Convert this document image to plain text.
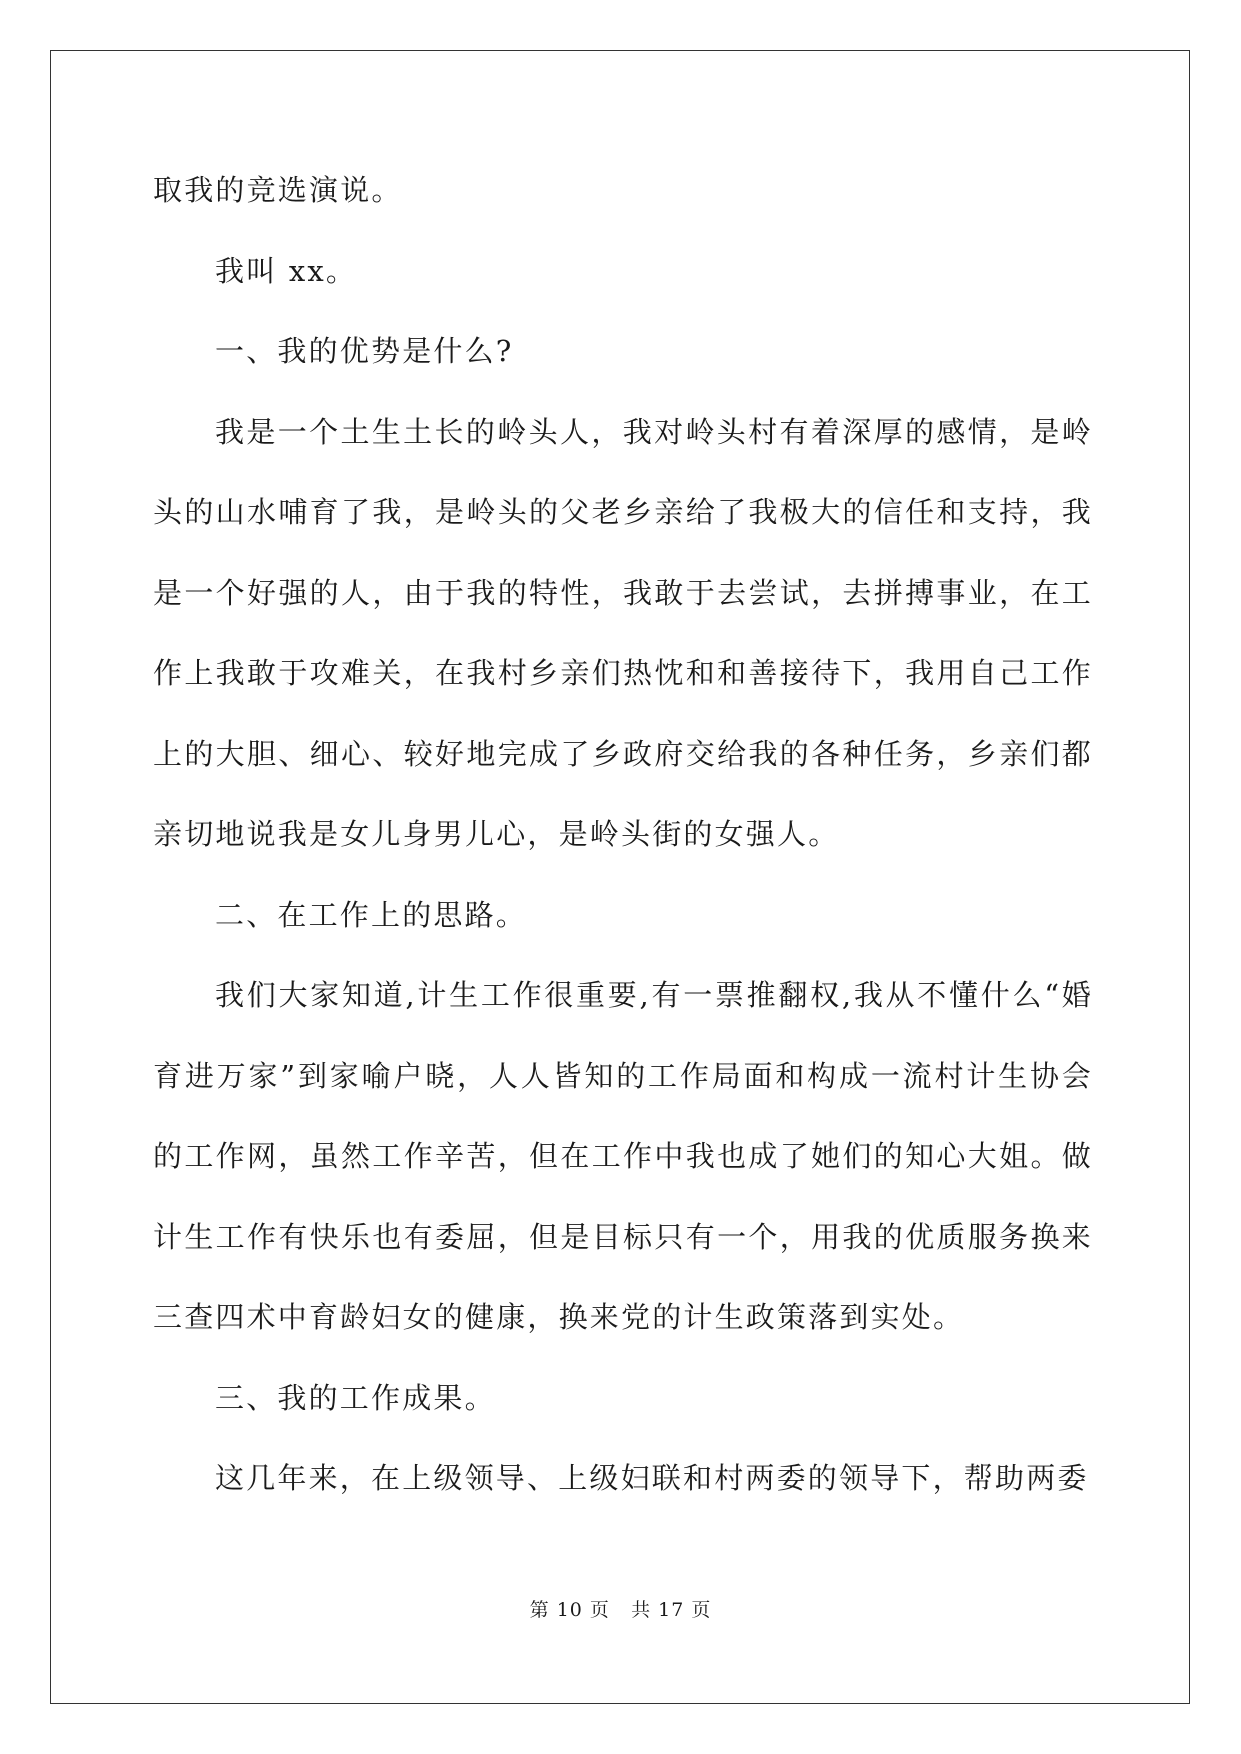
取我的竞选演说。

我叫 xx。

一、我的优势是什么?

我是一个土生土长的岭头人，我对岭头村有着深厚的感情，是岭头的山水哺育了我，是岭头的父老乡亲给了我极大的信任和支持，我是一个好强的人，由于我的特性，我敢于去尝试，去拼搏事业，在工作上我敢于攻难关，在我村乡亲们热忱和和善接待下，我用自己工作上的大胆、细心、较好地完成了乡政府交给我的各种任务，乡亲们都亲切地说我是女儿身男儿心，是岭头街的女强人。

二、在工作上的思路。

我们大家知道,计生工作很重要,有一票推翻权,我从不懂什么“婚育进万家”到家喻户晓，人人皆知的工作局面和构成一流村计生协会的工作网，虽然工作辛苦，但在工作中我也成了她们的知心大姐。做计生工作有快乐也有委屈，但是目标只有一个，用我的优质服务换来三查四术中育龄妇女的健康，换来党的计生政策落到实处。

三、我的工作成果。

这几年来，在上级领导、上级妇联和村两委的领导下，帮助两委

第 10 页 共 17 页
